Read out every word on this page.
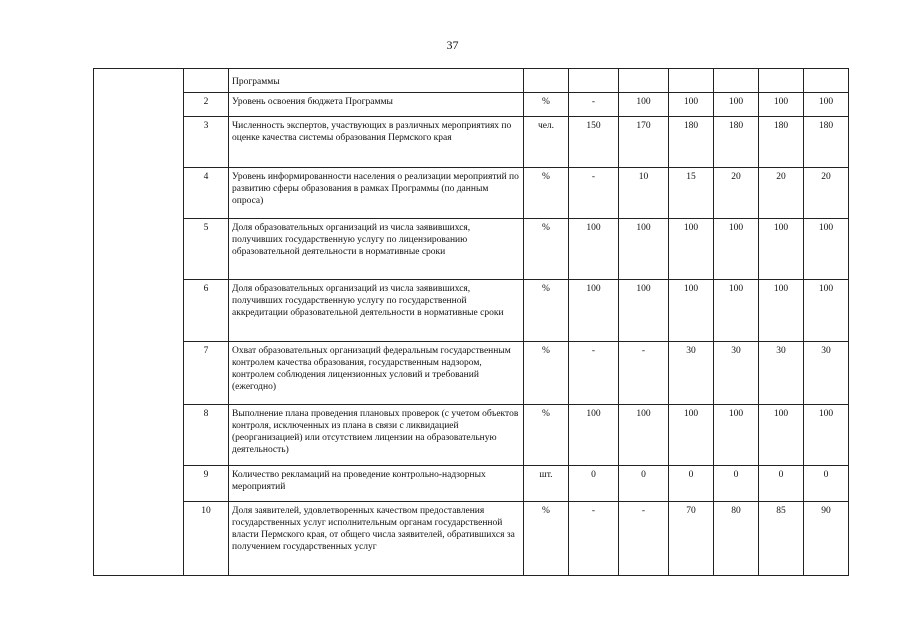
37
		Программы							
	2	Уровень освоения бюджета Программы	%	-	100	100	100	100	100
	3	Численность экспертов, участвующих в различных мероприятиях по оценке качества системы образования Пермского края	чел.	150	170	180	180	180	180
	4	Уровень информированности населения о реализации мероприятий по развитию сферы образования в рамках Программы (по данным опроса)	%	-	10	15	20	20	20
	5	Доля образовательных организаций из числа заявившихся, получивших государственную услугу по лицензированию образовательной деятельности в нормативные сроки	%	100	100	100	100	100	100
	6	Доля образовательных организаций из числа заявившихся, получивших государственную услугу по государственной аккредитации образовательной деятельности в нормативные сроки	%	100	100	100	100	100	100
	7	Охват образовательных организаций федеральным государственным контролем качества образования, государственным надзором, контролем соблюдения лицензионных условий и требований (ежегодно)	%	-	-	30	30	30	30
	8	Выполнение плана проведения плановых проверок (с учетом объектов контроля, исключенных из плана в связи с ликвидацией (реорганизацией) или отсутствием лицензии на образовательную деятельность)	%	100	100	100	100	100	100
	9	Количество рекламаций на проведение контрольно-надзорных мероприятий	шт.	0	0	0	0	0	0
	10	Доля заявителей, удовлетворенных качеством предоставления государственных услуг исполнительным органам государственной власти Пермского края, от общего числа заявителей, обратившихся за получением государственных услуг	%	-	-	70	80	85	90
